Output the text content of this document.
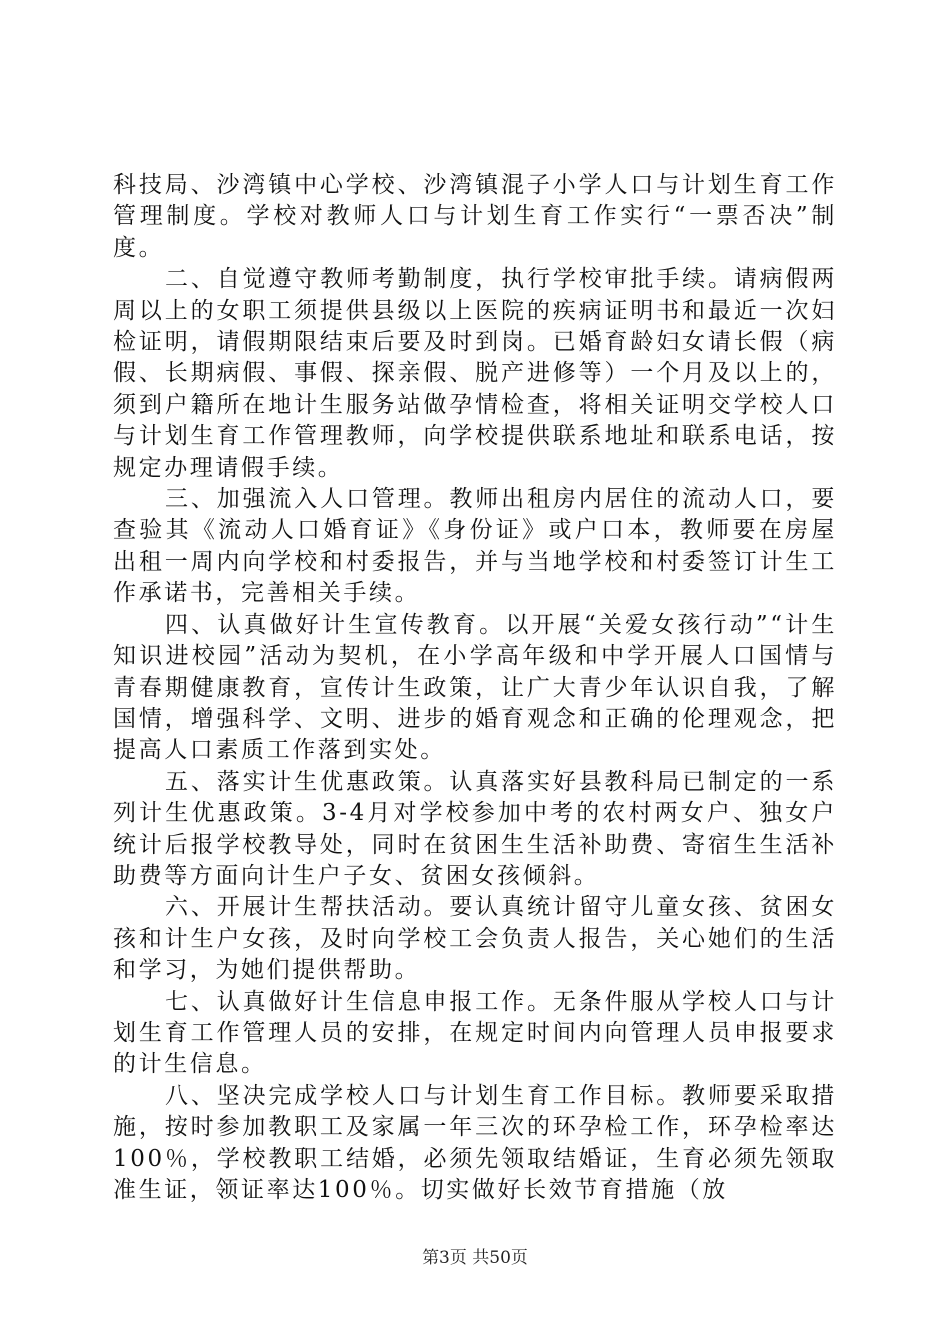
科技局、沙湾镇中心学校、沙湾镇混子小学人口与计划生育工作管理制度。学校对教师人口与计划生育工作实行“一票否决”制度。

二、自觉遵守教师考勤制度，执行学校审批手续。请病假两周以上的女职工须提供县级以上医院的疾病证明书和最近一次妇检证明，请假期限结束后要及时到岗。已婚育龄妇女请长假（病假、长期病假、事假、探亲假、脱产进修等）一个月及以上的，须到户籍所在地计生服务站做孕情检查，将相关证明交学校人口与计划生育工作管理教师，向学校提供联系地址和联系电话，按规定办理请假手续。

三、加强流入人口管理。教师出租房内居住的流动人口，要查验其《流动人口婚育证》《身份证》或户口本，教师要在房屋出租一周内向学校和村委报告，并与当地学校和村委签订计生工作承诺书，完善相关手续。

四、认真做好计生宣传教育。以开展“关爱女孩行动”“计生知识进校园”活动为契机，在小学高年级和中学开展人口国情与青春期健康教育，宣传计生政策，让广大青少年认识自我，了解国情，增强科学、文明、进步的婚育观念和正确的伦理观念，把提高人口素质工作落到实处。

五、落实计生优惠政策。认真落实好县教科局已制定的一系列计生优惠政策。3-4月对学校参加中考的农村两女户、独女户统计后报学校教导处，同时在贫困生生活补助费、寄宿生生活补助费等方面向计生户子女、贫困女孩倾斜。

六、开展计生帮扶活动。要认真统计留守儿童女孩、贫困女孩和计生户女孩，及时向学校工会负责人报告，关心她们的生活和学习，为她们提供帮助。

七、认真做好计生信息申报工作。无条件服从学校人口与计划生育工作管理人员的安排，在规定时间内向管理人员申报要求的计生信息。

八、坚决完成学校人口与计划生育工作目标。教师要采取措施，按时参加教职工及家属一年三次的环孕检工作，环孕检率达100％，学校教职工结婚，必须先领取结婚证，生育必须先领取准生证，领证率达100％。切实做好长效节育措施（放

第3页 共50页
